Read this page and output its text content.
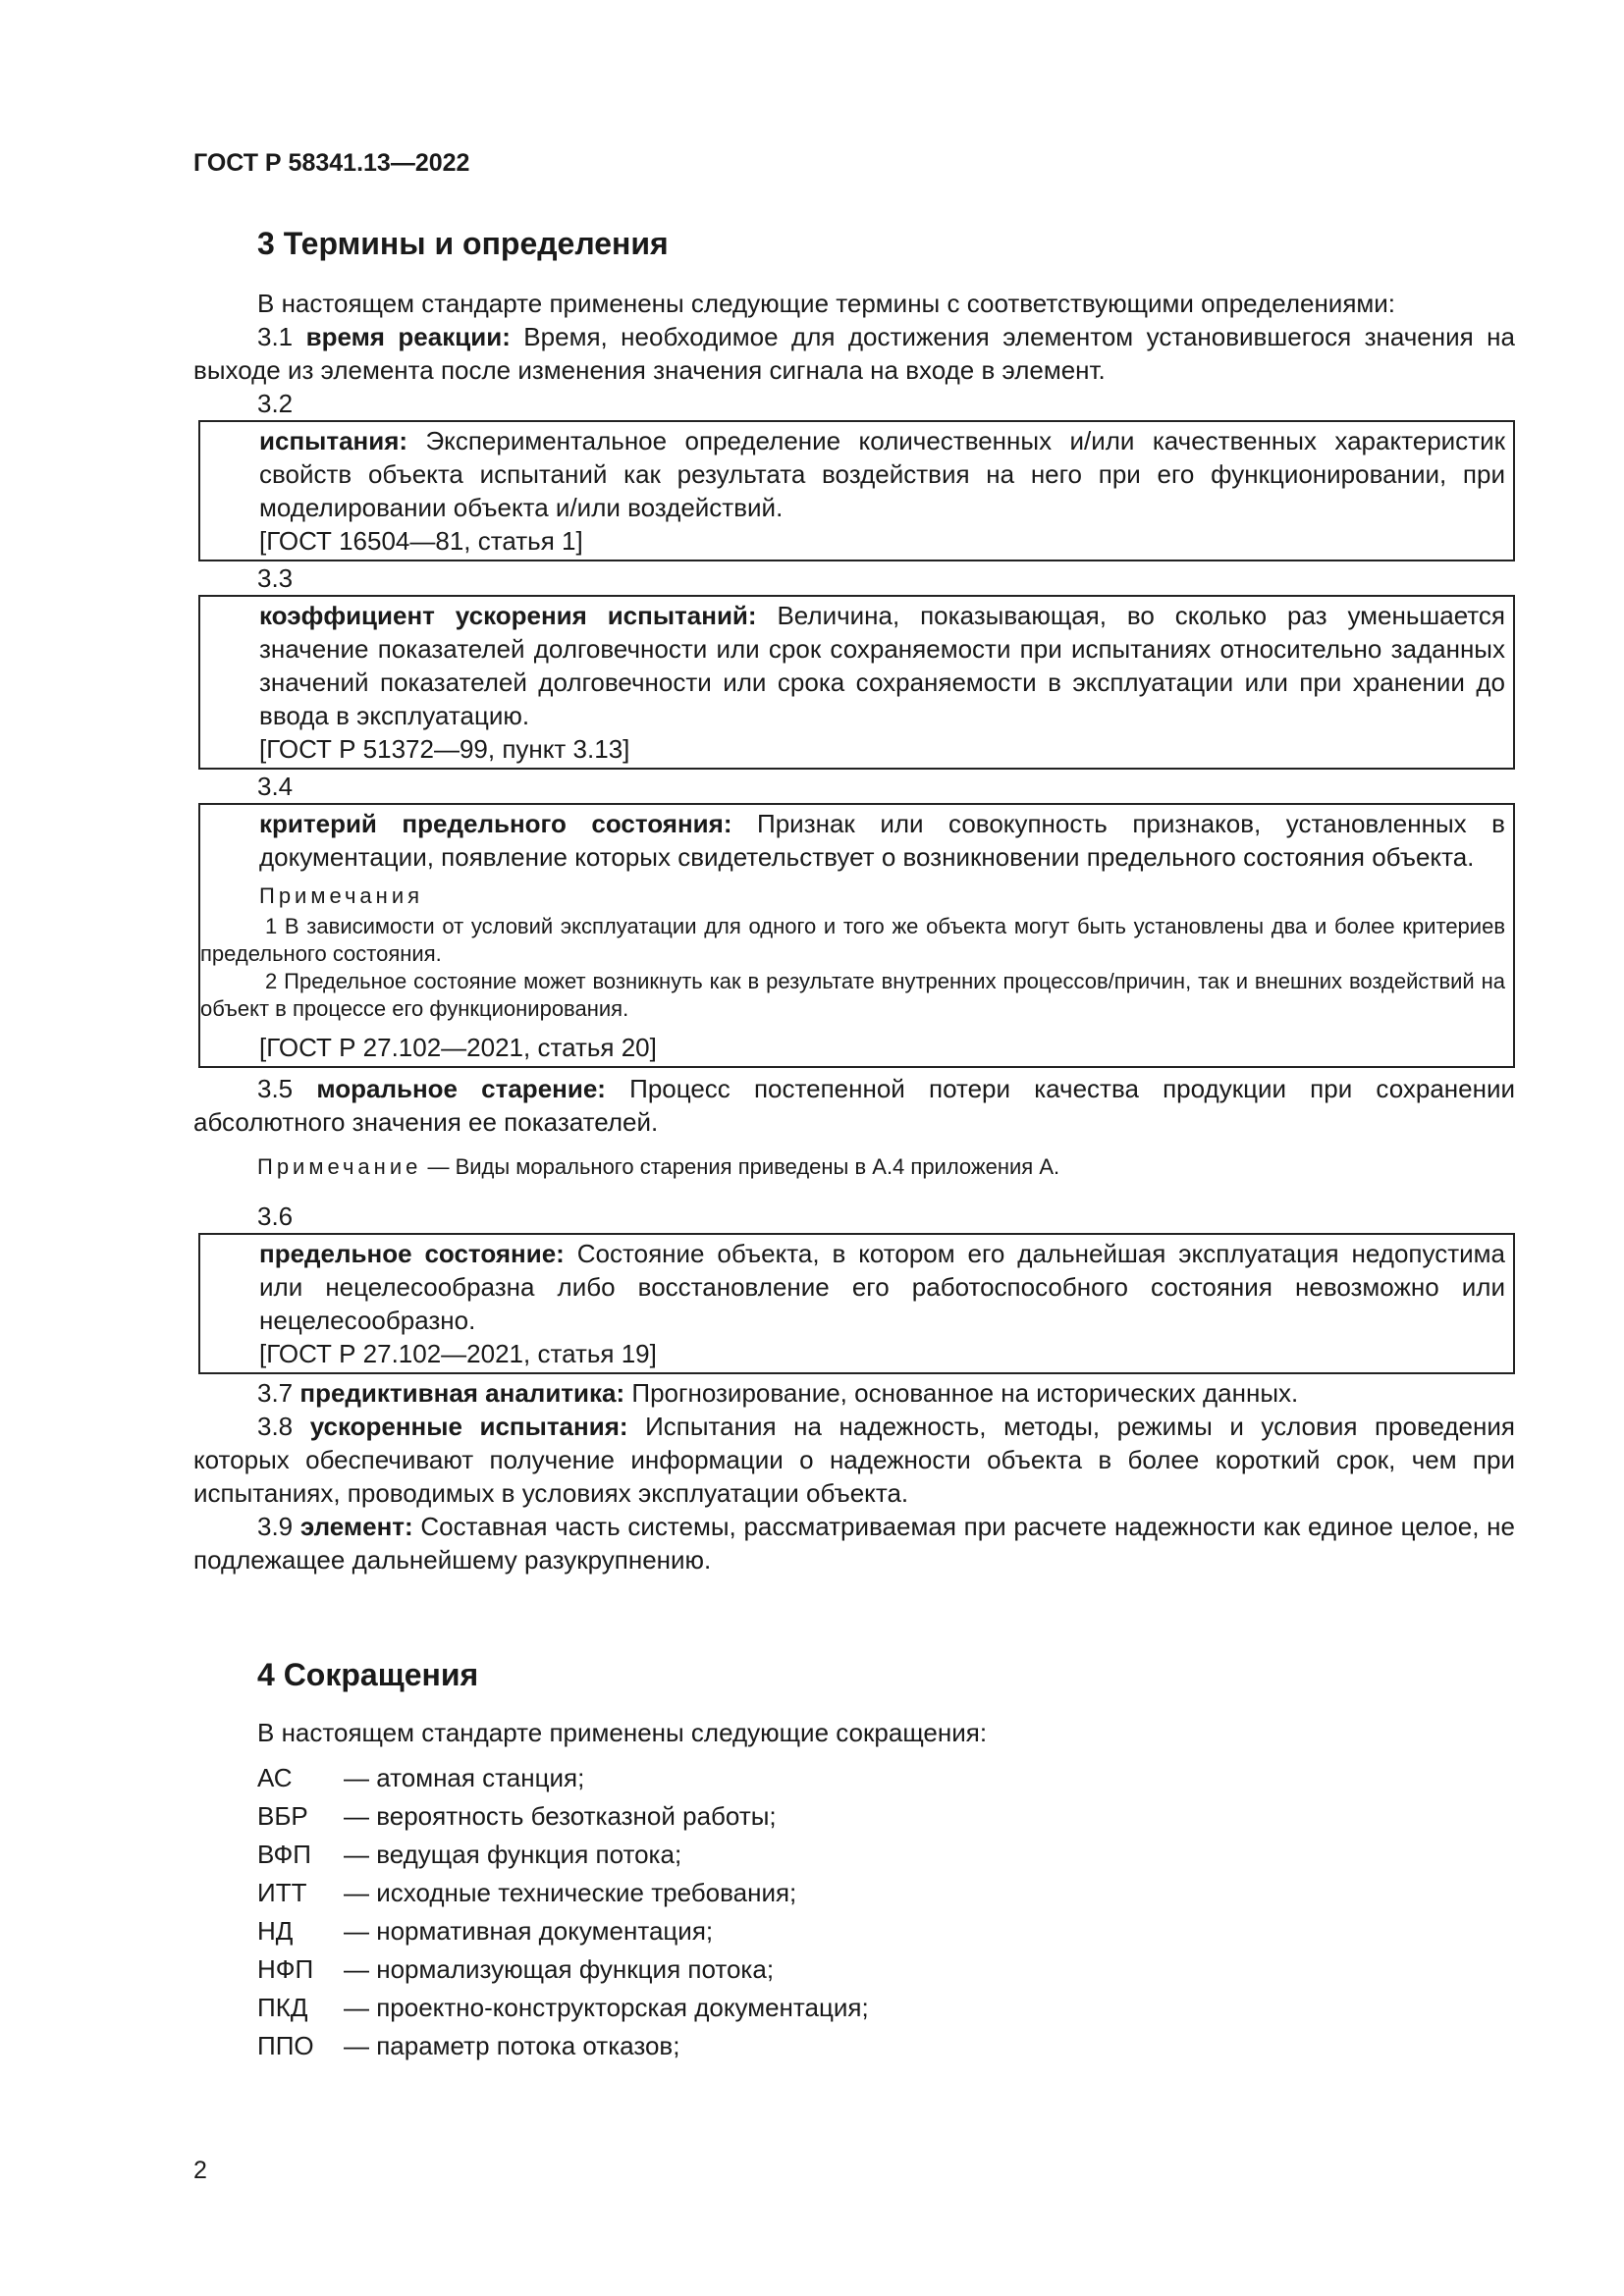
ГОСТ Р 58341.13—2022
3 Термины и определения

В настоящем стандарте применены следующие термины с соответствующими определениями:

3.1 время реакции: Время, необходимое для достижения элементом установившегося значения на выходе из элемента после изменения значения сигнала на входе в элемент.

3.2

испытания: Экспериментальное определение количественных и/или качественных характеристик свойств объекта испытаний как результата воздействия на него при его функционировании, при моделировании объекта и/или воздействий.

[ГОСТ 16504—81, статья 1]

3.3

коэффициент ускорения испытаний: Величина, показывающая, во сколько раз уменьшается значение показателей долговечности или срок сохраняемости при испытаниях относительно заданных значений показателей долговечности или срока сохраняемости в эксплуатации или при хранении до ввода в эксплуатацию.

[ГОСТ Р 51372—99, пункт 3.13]

3.4

критерий предельного состояния: Признак или совокупность признаков, установленных в документации, появление которых свидетельствует о возникновении предельного состояния объекта.

Примечания

1 В зависимости от условий эксплуатации для одного и того же объекта могут быть установлены два и более критериев предельного состояния.

2 Предельное состояние может возникнуть как в результате внутренних процессов/причин, так и внешних воздействий на объект в процессе его функционирования.

[ГОСТ Р 27.102—2021, статья 20]

3.5 моральное старение: Процесс постепенной потери качества продукции при сохранении абсолютного значения ее показателей.

Примечание — Виды морального старения приведены в А.4 приложения А.

3.6

предельное состояние: Состояние объекта, в котором его дальнейшая эксплуатация недопустима или нецелесообразна либо восстановление его работоспособного состояния невозможно или нецелесообразно.

[ГОСТ Р 27.102—2021, статья 19]

3.7 предиктивная аналитика: Прогнозирование, основанное на исторических данных.

3.8 ускоренные испытания: Испытания на надежность, методы, режимы и условия проведения которых обеспечивают получение информации о надежности объекта в более короткий срок, чем при испытаниях, проводимых в условиях эксплуатации объекта.

3.9 элемент: Составная часть системы, рассматриваемая при расчете надежности как единое целое, не подлежащее дальнейшему разукрупнению.

4 Сокращения

В настоящем стандарте применены следующие сокращения:

АС	— атомная станция;
ВБР	— вероятность безотказной работы;
ВФП	— ведущая функция потока;
ИТТ	— исходные технические требования;
НД	— нормативная документация;
НФП	— нормализующая функция потока;
ПКД	— проектно-конструкторская документация;
ППО	— параметр потока отказов;
2
